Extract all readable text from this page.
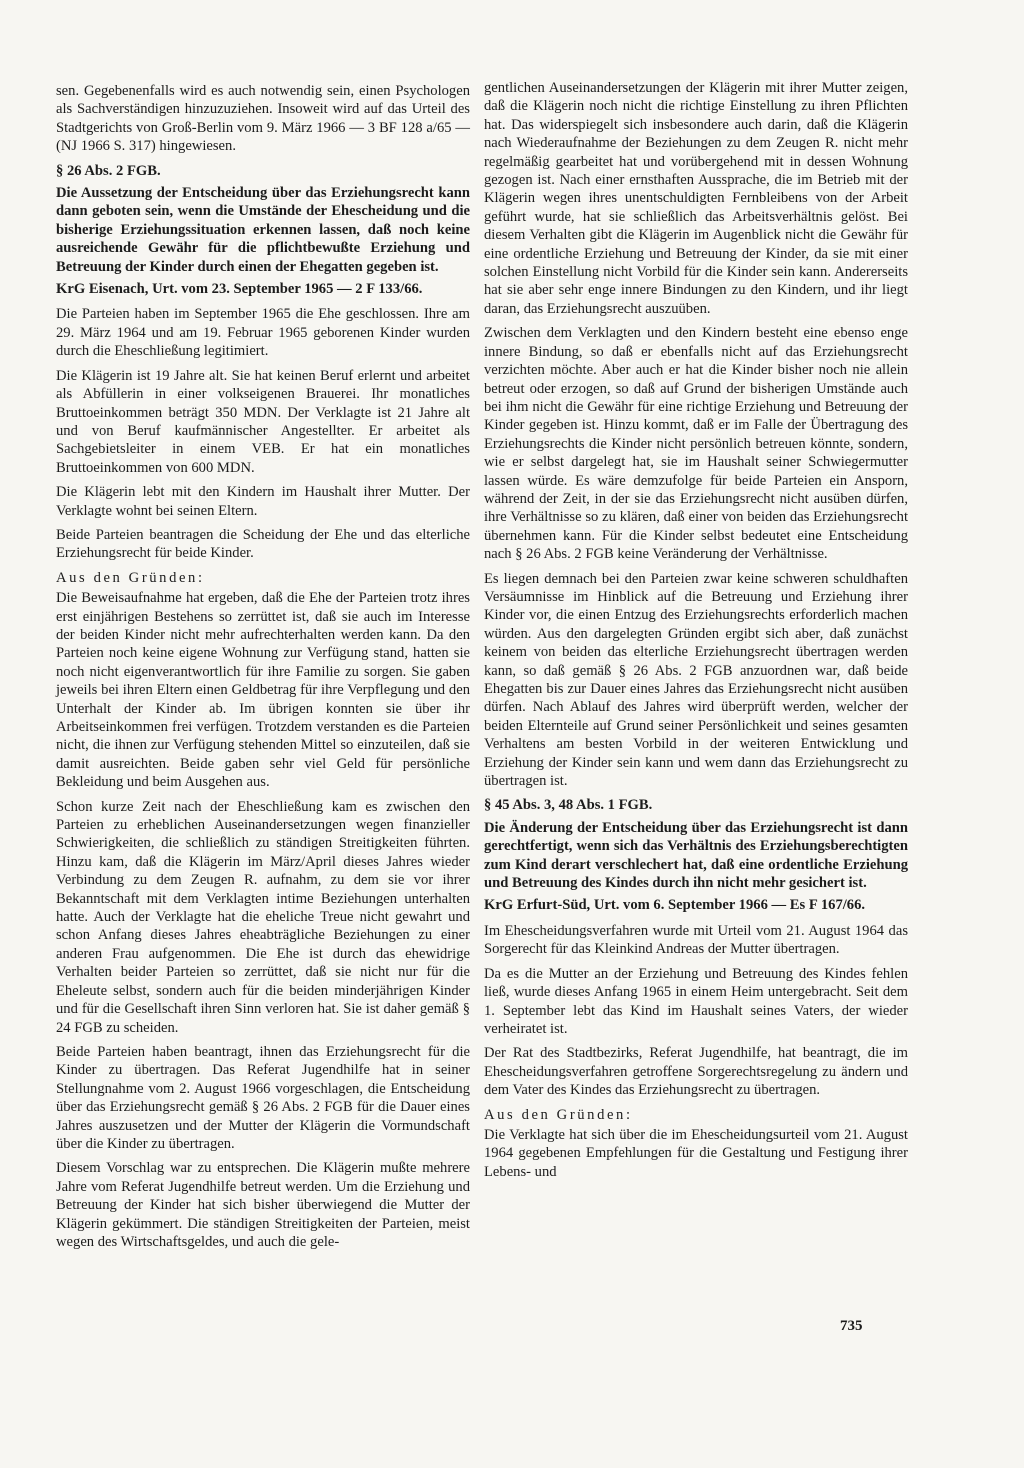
sen. Gegebenenfalls wird es auch notwendig sein, einen Psychologen als Sachverständigen hinzuzuziehen. Insoweit wird auf das Urteil des Stadtgerichts von Groß-Berlin vom 9. März 1966 — 3 BF 128 a/65 — (NJ 1966 S. 317) hingewiesen.

§ 26 Abs. 2 FGB.

Die Aussetzung der Entscheidung über das Erziehungsrecht kann dann geboten sein, wenn die Umstände der Ehescheidung und die bisherige Erziehungssituation erkennen lassen, daß noch keine ausreichende Gewähr für die pflichtbewußte Erziehung und Betreuung der Kinder durch einen der Ehegatten gegeben ist.

KrG Eisenach, Urt. vom 23. September 1965 — 2 F 133/66.

Die Parteien haben im September 1965 die Ehe geschlossen. Ihre am 29. März 1964 und am 19. Februar 1965 geborenen Kinder wurden durch die Eheschließung legitimiert.

Die Klägerin ist 19 Jahre alt. Sie hat keinen Beruf erlernt und arbeitet als Abfüllerin in einer volkseigenen Brauerei. Ihr monatliches Bruttoeinkommen beträgt 350 MDN. Der Verklagte ist 21 Jahre alt und von Beruf kaufmännischer Angestellter. Er arbeitet als Sachgebietsleiter in einem VEB. Er hat ein monatliches Bruttoeinkommen von 600 MDN.

Die Klägerin lebt mit den Kindern im Haushalt ihrer Mutter. Der Verklagte wohnt bei seinen Eltern.

Beide Parteien beantragen die Scheidung der Ehe und das elterliche Erziehungsrecht für beide Kinder.

Aus den Gründen:

Die Beweisaufnahme hat ergeben, daß die Ehe der Parteien trotz ihres erst einjährigen Bestehens so zerrüttet ist, daß sie auch im Interesse der beiden Kinder nicht mehr aufrechterhalten werden kann. Da den Parteien noch keine eigene Wohnung zur Verfügung stand, hatten sie noch nicht eigenverantwortlich für ihre Familie zu sorgen. Sie gaben jeweils bei ihren Eltern einen Geldbetrag für ihre Verpflegung und den Unterhalt der Kinder ab. Im übrigen konnten sie über ihr Arbeitseinkommen frei verfügen. Trotzdem verstanden es die Parteien nicht, die ihnen zur Verfügung stehenden Mittel so einzuteilen, daß sie damit ausreichten. Beide gaben sehr viel Geld für persönliche Bekleidung und beim Ausgehen aus.

Schon kurze Zeit nach der Eheschließung kam es zwischen den Parteien zu erheblichen Auseinandersetzungen wegen finanzieller Schwierigkeiten, die schließlich zu ständigen Streitigkeiten führten. Hinzu kam, daß die Klägerin im März/April dieses Jahres wieder Verbindung zu dem Zeugen R. aufnahm, zu dem sie vor ihrer Bekanntschaft mit dem Verklagten intime Beziehungen unterhalten hatte. Auch der Verklagte hat die eheliche Treue nicht gewahrt und schon Anfang dieses Jahres eheabträgliche Beziehungen zu einer anderen Frau aufgenommen. Die Ehe ist durch das ehewidrige Verhalten beider Parteien so zerrüttet, daß sie nicht nur für die Eheleute selbst, sondern auch für die beiden minderjährigen Kinder und für die Gesellschaft ihren Sinn verloren hat. Sie ist daher gemäß § 24 FGB zu scheiden.

Beide Parteien haben beantragt, ihnen das Erziehungsrecht für die Kinder zu übertragen. Das Referat Jugendhilfe hat in seiner Stellungnahme vom 2. August 1966 vorgeschlagen, die Entscheidung über das Erziehungsrecht gemäß § 26 Abs. 2 FGB für die Dauer eines Jahres auszusetzen und der Mutter der Klägerin die Vormundschaft über die Kinder zu übertragen.

Diesem Vorschlag war zu entsprechen. Die Klägerin mußte mehrere Jahre vom Referat Jugendhilfe betreut werden. Um die Erziehung und Betreuung der Kinder hat sich bisher überwiegend die Mutter der Klägerin gekümmert. Die ständigen Streitigkeiten der Parteien, meist wegen des Wirtschaftsgeldes, und auch die gele-

gentlichen Auseinandersetzungen der Klägerin mit ihrer Mutter zeigen, daß die Klägerin noch nicht die richtige Einstellung zu ihren Pflichten hat. Das widerspiegelt sich insbesondere auch darin, daß die Klägerin nach Wiederaufnahme der Beziehungen zu dem Zeugen R. nicht mehr regelmäßig gearbeitet hat und vorübergehend mit in dessen Wohnung gezogen ist. Nach einer ernsthaften Aussprache, die im Betrieb mit der Klägerin wegen ihres unentschuldigten Fernbleibens von der Arbeit geführt wurde, hat sie schließlich das Arbeitsverhältnis gelöst. Bei diesem Verhalten gibt die Klägerin im Augenblick nicht die Gewähr für eine ordentliche Erziehung und Betreuung der Kinder, da sie mit einer solchen Einstellung nicht Vorbild für die Kinder sein kann. Andererseits hat sie aber sehr enge innere Bindungen zu den Kindern, und ihr liegt daran, das Erziehungsrecht auszuüben.

Zwischen dem Verklagten und den Kindern besteht eine ebenso enge innere Bindung, so daß er ebenfalls nicht auf das Erziehungsrecht verzichten möchte. Aber auch er hat die Kinder bisher noch nie allein betreut oder erzogen, so daß auf Grund der bisherigen Umstände auch bei ihm nicht die Gewähr für eine richtige Erziehung und Betreuung der Kinder gegeben ist. Hinzu kommt, daß er im Falle der Übertragung des Erziehungsrechts die Kinder nicht persönlich betreuen könnte, sondern, wie er selbst dargelegt hat, sie im Haushalt seiner Schwiegermutter lassen würde. Es wäre demzufolge für beide Parteien ein Ansporn, während der Zeit, in der sie das Erziehungsrecht nicht ausüben dürfen, ihre Verhältnisse so zu klären, daß einer von beiden das Erziehungsrecht übernehmen kann. Für die Kinder selbst bedeutet eine Entscheidung nach § 26 Abs. 2 FGB keine Veränderung der Verhältnisse.

Es liegen demnach bei den Parteien zwar keine schweren schuldhaften Versäumnisse im Hinblick auf die Betreuung und Erziehung ihrer Kinder vor, die einen Entzug des Erziehungsrechts erforderlich machen würden. Aus den dargelegten Gründen ergibt sich aber, daß zunächst keinem von beiden das elterliche Erziehungsrecht übertragen werden kann, so daß gemäß § 26 Abs. 2 FGB anzuordnen war, daß beide Ehegatten bis zur Dauer eines Jahres das Erziehungsrecht nicht ausüben dürfen. Nach Ablauf des Jahres wird überprüft werden, welcher der beiden Elternteile auf Grund seiner Persönlichkeit und seines gesamten Verhaltens am besten Vorbild in der weiteren Entwicklung und Erziehung der Kinder sein kann und wem dann das Erziehungsrecht zu übertragen ist.

§ 45 Abs. 3, 48 Abs. 1 FGB.

Die Änderung der Entscheidung über das Erziehungsrecht ist dann gerechtfertigt, wenn sich das Verhältnis des Erziehungsberechtigten zum Kind derart verschlechert hat, daß eine ordentliche Erziehung und Betreuung des Kindes durch ihn nicht mehr gesichert ist.

KrG Erfurt-Süd, Urt. vom 6. September 1966 — Es F 167/66.

Im Ehescheidungsverfahren wurde mit Urteil vom 21. August 1964 das Sorgerecht für das Kleinkind Andreas der Mutter übertragen.

Da es die Mutter an der Erziehung und Betreuung des Kindes fehlen ließ, wurde dieses Anfang 1965 in einem Heim untergebracht. Seit dem 1. September lebt das Kind im Haushalt seines Vaters, der wieder verheiratet ist.

Der Rat des Stadtbezirks, Referat Jugendhilfe, hat beantragt, die im Ehescheidungsverfahren getroffene Sorgerechtsregelung zu ändern und dem Vater des Kindes das Erziehungsrecht zu übertragen.

Aus den Gründen:

Die Verklagte hat sich über die im Ehescheidungsurteil vom 21. August 1964 gegebenen Empfehlungen für die Gestaltung und Festigung ihrer Lebens- und

735
